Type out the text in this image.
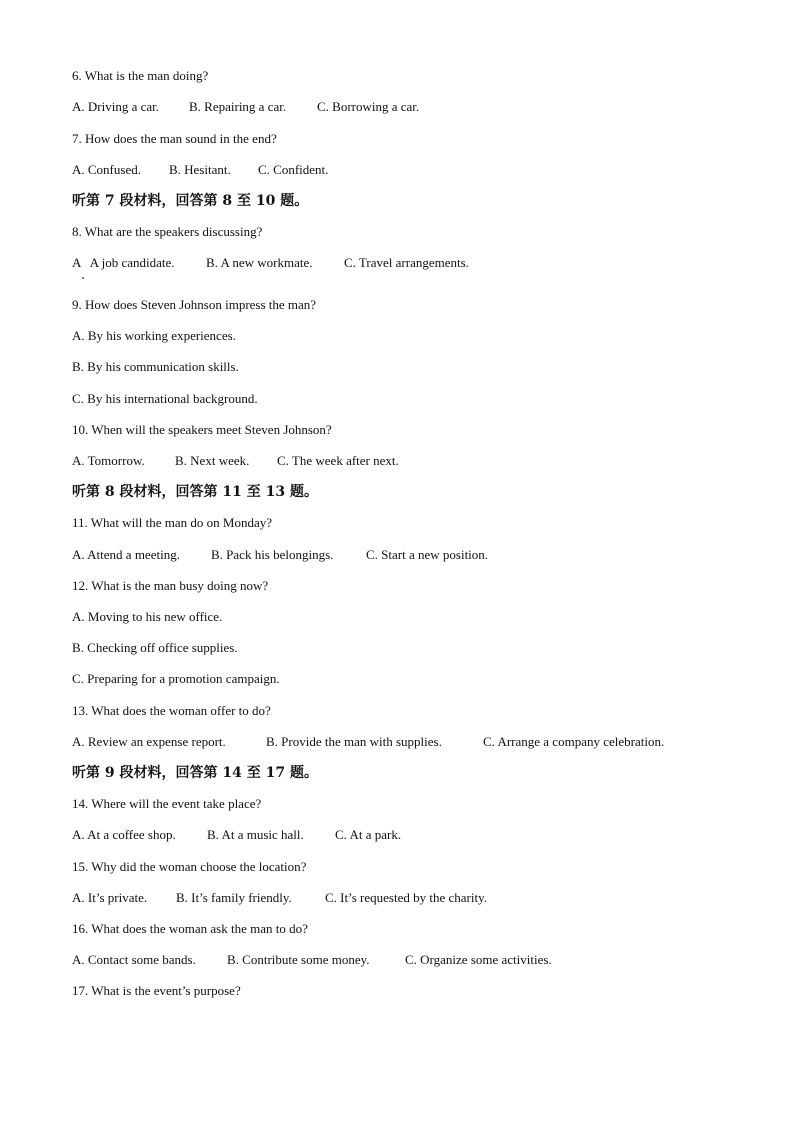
6. What is the man doing?
A. Driving a car. B. Repairing a car. C. Borrowing a car.
7. How does the man sound in the end?
A. Confused. B. Hesitant. C. Confident.
听第 7 段材料，回答第 8 至 10 题。
8. What are the speakers discussing?
A   A job candidate. B. A new workmate. C. Travel arrangements.
9. How does Steven Johnson impress the man?
A. By his working experiences.
B. By his communication skills.
C. By his international background.
10. When will the speakers meet Steven Johnson?
A. Tomorrow. B. Next week. C. The week after next.
听第 8 段材料，回答第 11 至 13 题。
11. What will the man do on Monday?
A. Attend a meeting. B. Pack his belongings.	C. Start a new position.
12. What is the man busy doing now?
A. Moving to his new office.
B. Checking off office supplies.
C. Preparing for a promotion campaign.
13. What does the woman offer to do?
A. Review an expense report.	B. Provide the man with supplies.	C. Arrange a company celebration.
听第 9 段材料，回答第 14 至 17 题。
14. Where will the event take place?
A. At a coffee shop. B. At a music hall. C. At a park.
15. Why did the woman choose the location?
A. It’s private. B. It’s family friendly.	C. It’s requested by the charity.
16. What does the woman ask the man to do?
A. Contact some bands. B. Contribute some money.	C. Organize some activities.
17. What is the event’s purpose?
